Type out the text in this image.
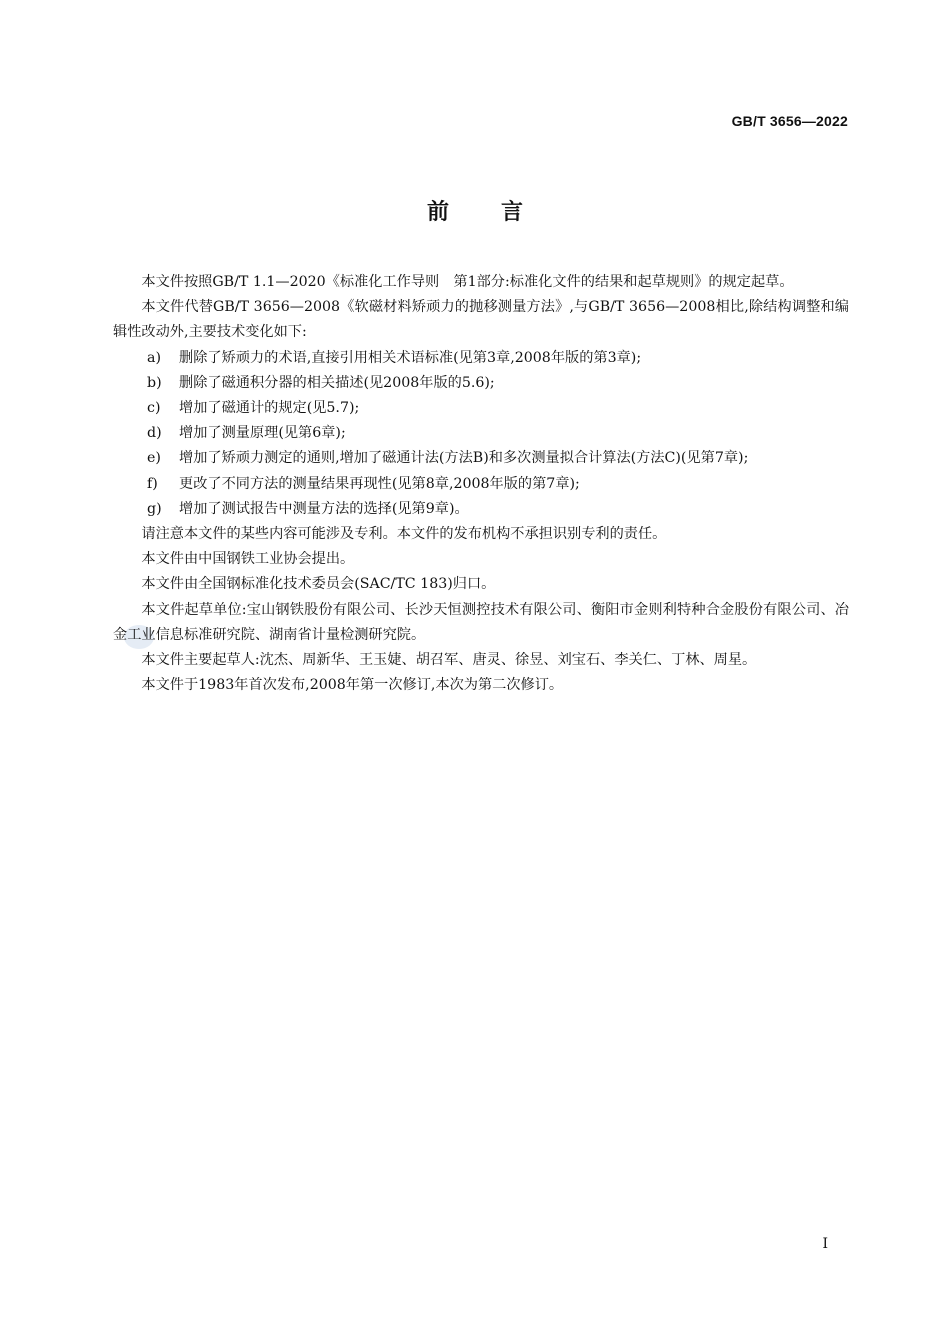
GB/T 3656—2022
前言

本文件按照GB/T 1.1—2020《标准化工作导则　第1部分:标准化文件的结果和起草规则》的规定起草。

本文件代替GB/T 3656—2008《软磁材料矫顽力的抛移测量方法》,与GB/T 3656—2008相比,除结构调整和编辑性改动外,主要技术变化如下:

a) 删除了矫顽力的术语,直接引用相关术语标准(见第3章,2008年版的第3章);
b) 删除了磁通积分器的相关描述(见2008年版的5.6);
c) 增加了磁通计的规定(见5.7);
d) 增加了测量原理(见第6章);
e) 增加了矫顽力测定的通则,增加了磁通计法(方法B)和多次测量拟合计算法(方法C)(见第7章);
f) 更改了不同方法的测量结果再现性(见第8章,2008年版的第7章);
g) 增加了测试报告中测量方法的选择(见第9章)。

请注意本文件的某些内容可能涉及专利。本文件的发布机构不承担识别专利的责任。

本文件由中国钢铁工业协会提出。

本文件由全国钢标准化技术委员会(SAC/TC 183)归口。

本文件起草单位:宝山钢铁股份有限公司、长沙天恒测控技术有限公司、衡阳市金则利特种合金股份有限公司、冶金工业信息标准研究院、湖南省计量检测研究院。

本文件主要起草人:沈杰、周新华、王玉婕、胡召军、唐灵、徐昱、刘宝石、李关仁、丁林、周星。

本文件于1983年首次发布,2008年第一次修订,本次为第二次修订。

I
